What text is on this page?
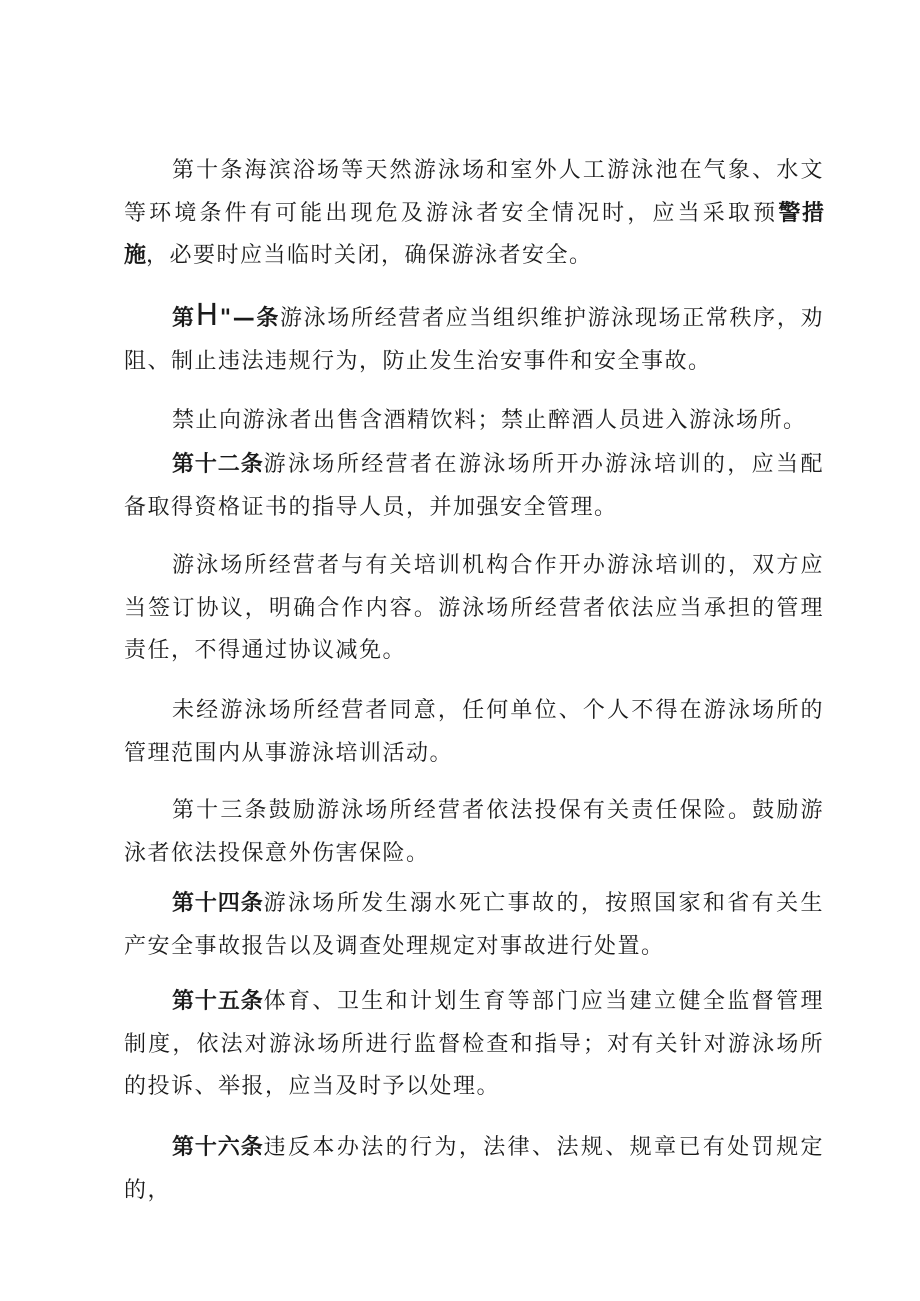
第十条海滨浴场等天然游泳场和室外人工游泳池在气象、水文等环境条件有可能出现危及游泳者安全情况时，应当采取预警措施，必要时应当临时关闭，确保游泳者安全。

第H"—条游泳场所经营者应当组织维护游泳现场正常秩序，劝阻、制止违法违规行为，防止发生治安事件和安全事故。

禁止向游泳者出售含酒精饮料；禁止醉酒人员进入游泳场所。

第十二条游泳场所经营者在游泳场所开办游泳培训的，应当配备取得资格证书的指导人员，并加强安全管理。

游泳场所经营者与有关培训机构合作开办游泳培训的，双方应当签订协议，明确合作内容。游泳场所经营者依法应当承担的管理责任，不得通过协议减免。

未经游泳场所经营者同意，任何单位、个人不得在游泳场所的管理范围内从事游泳培训活动。

第十三条鼓励游泳场所经营者依法投保有关责任保险。鼓励游泳者依法投保意外伤害保险。

第十四条游泳场所发生溺水死亡事故的，按照国家和省有关生产安全事故报告以及调查处理规定对事故进行处置。

第十五条体育、卫生和计划生育等部门应当建立健全监督管理制度，依法对游泳场所进行监督检查和指导；对有关针对游泳场所的投诉、举报，应当及时予以处理。

第十六条违反本办法的行为，法律、法规、规章已有处罚规定的，
